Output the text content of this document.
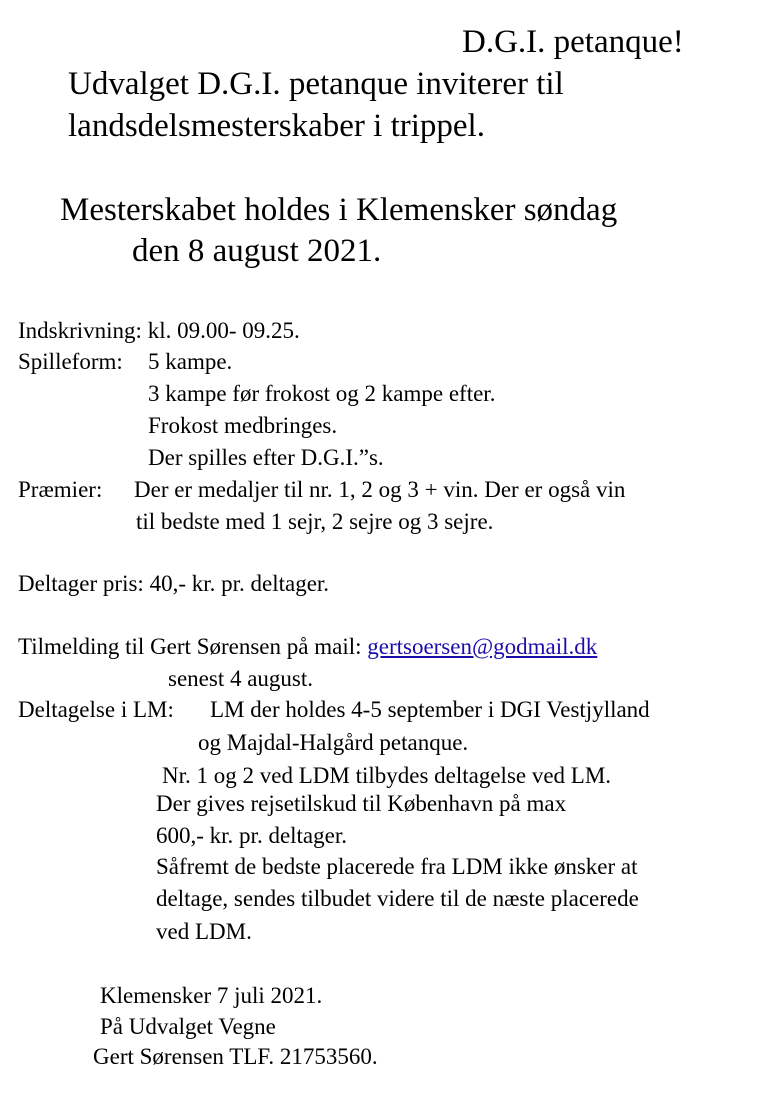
D.G.I. petanque!
Udvalget D.G.I. petanque inviterer til
landsdelsmesterskaber i trippel.
Mesterskabet holdes i Klemensker søndag
den 8 august 2021.
Indskrivning: kl. 09.00- 09.25.
Spilleform: 5 kampe.
3 kampe før frokost og 2 kampe efter.
Frokost medbringes.
Der spilles efter D.G.I.”s.
Præmier: Der er medaljer til nr. 1, 2 og 3 + vin. Der er også vin
til bedste med 1 sejr, 2 sejre og 3 sejre.
Deltager pris: 40,- kr. pr. deltager.
Tilmelding til Gert Sørensen på mail: gertsoersen@godmail.dk
senest 4 august.
Deltagelse i LM: LM der holdes 4-5 september i DGI Vestjylland
og Majdal-Halgård petanque.
Nr. 1 og 2 ved LDM tilbydes deltagelse ved LM.
Der gives rejsetilskud til København på max
600,- kr. pr. deltager.
Såfremt de bedste placerede fra LDM ikke ønsker at
deltage, sendes tilbudet videre til de næste placerede
ved LDM.
Klemensker 7 juli 2021.
På Udvalget Vegne
Gert Sørensen TLF. 21753560.
